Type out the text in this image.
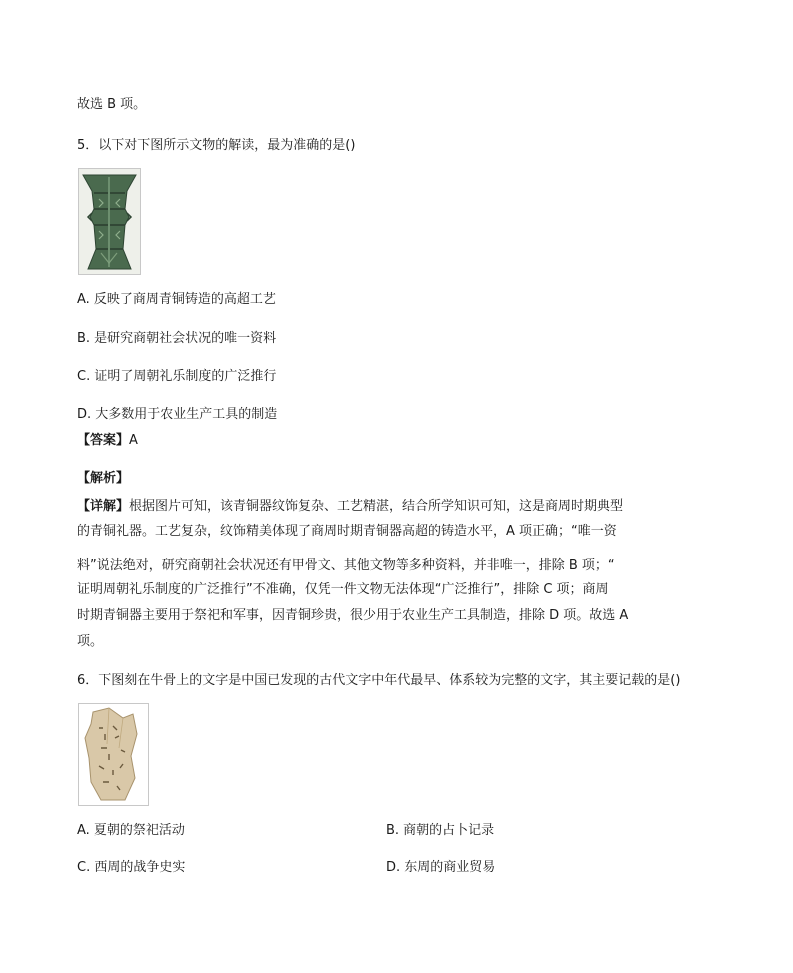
故选 B 项。
5．以下对下图所示文物的解读，最为准确的是()
A. 反映了商周青铜铸造的高超工艺
B. 是研究商朝社会状况的唯一资料
C. 证明了周朝礼乐制度的广泛推行
D. 大多数用于农业生产工具的制造
【答案】A
【解析】
【详解】根据图片可知，该青铜器纹饰复杂、工艺精湛，结合所学知识可知，这是商周时期典型
的青铜礼器。工艺复杂，纹饰精美体现了商周时期青铜器高超的铸造水平，A 项正确；“唯一资
料”说法绝对，研究商朝社会状况还有甲骨文、其他文物等多种资料，并非唯一，排除 B 项；“
证明周朝礼乐制度的广泛推行”不准确，仅凭一件文物无法体现“广泛推行”，排除 C 项；商周
时期青铜器主要用于祭祀和军事，因青铜珍贵，很少用于农业生产工具制造，排除 D 项。故选 A
项。
6．下图刻在牛骨上的文字是中国已发现的古代文字中年代最早、体系较为完整的文字，其主要记载的是()
A. 夏朝的祭祀活动	B. 商朝的占卜记录
C. 西周的战争史实	D. 东周的商业贸易
